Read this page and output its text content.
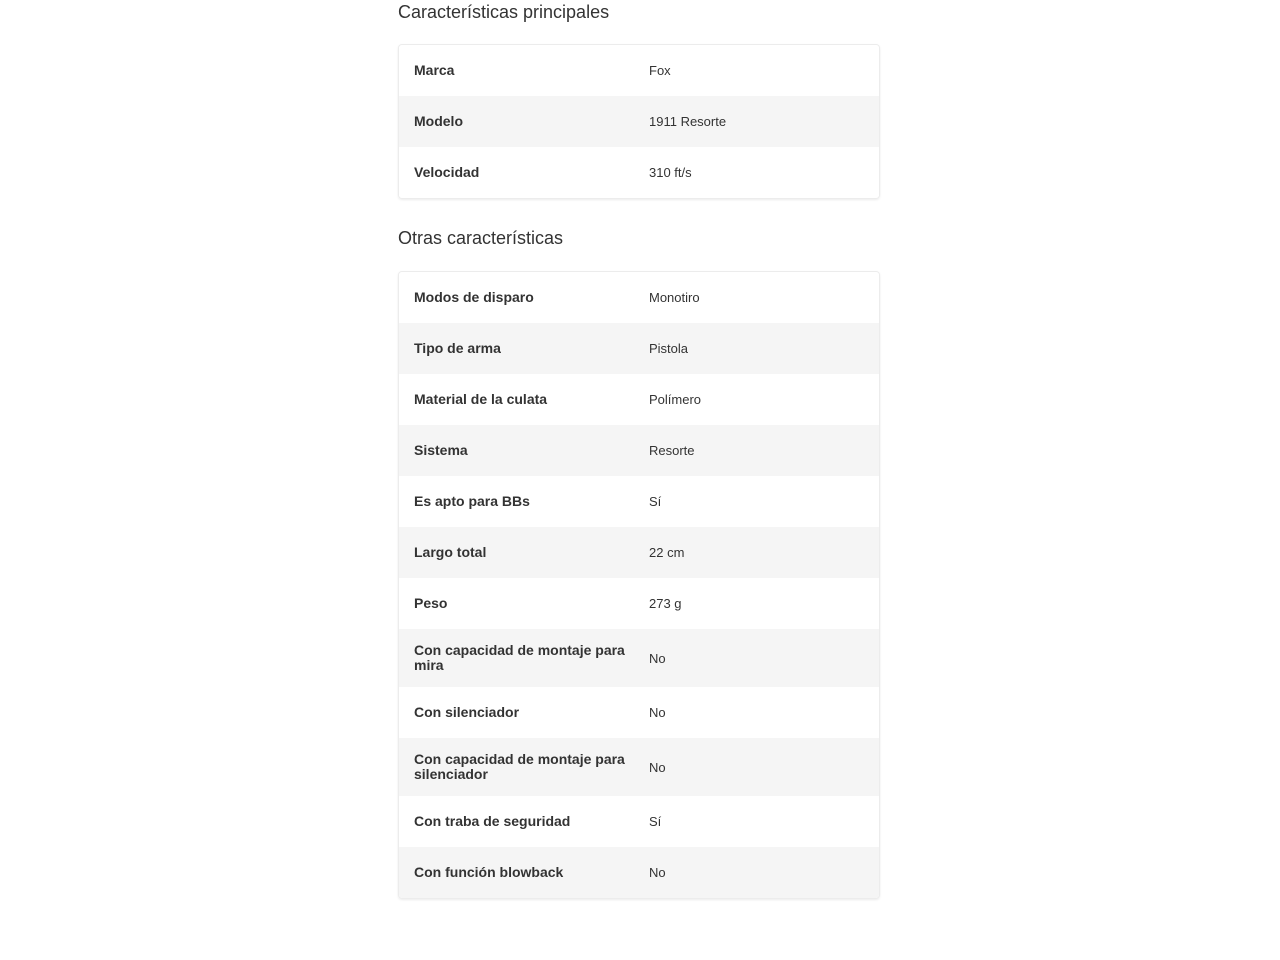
Características principales
Marca	Fox
Modelo	1911 Resorte
Velocidad	310 ft/s
Otras características
Modos de disparo	Monotiro
Tipo de arma	Pistola
Material de la culata	Polímero
Sistema	Resorte
Es apto para BBs	Sí
Largo total	22 cm
Peso	273 g
Con capacidad de montaje para mira	No
Con silenciador	No
Con capacidad de montaje para silenciador	No
Con traba de seguridad	Sí
Con función blowback	No
